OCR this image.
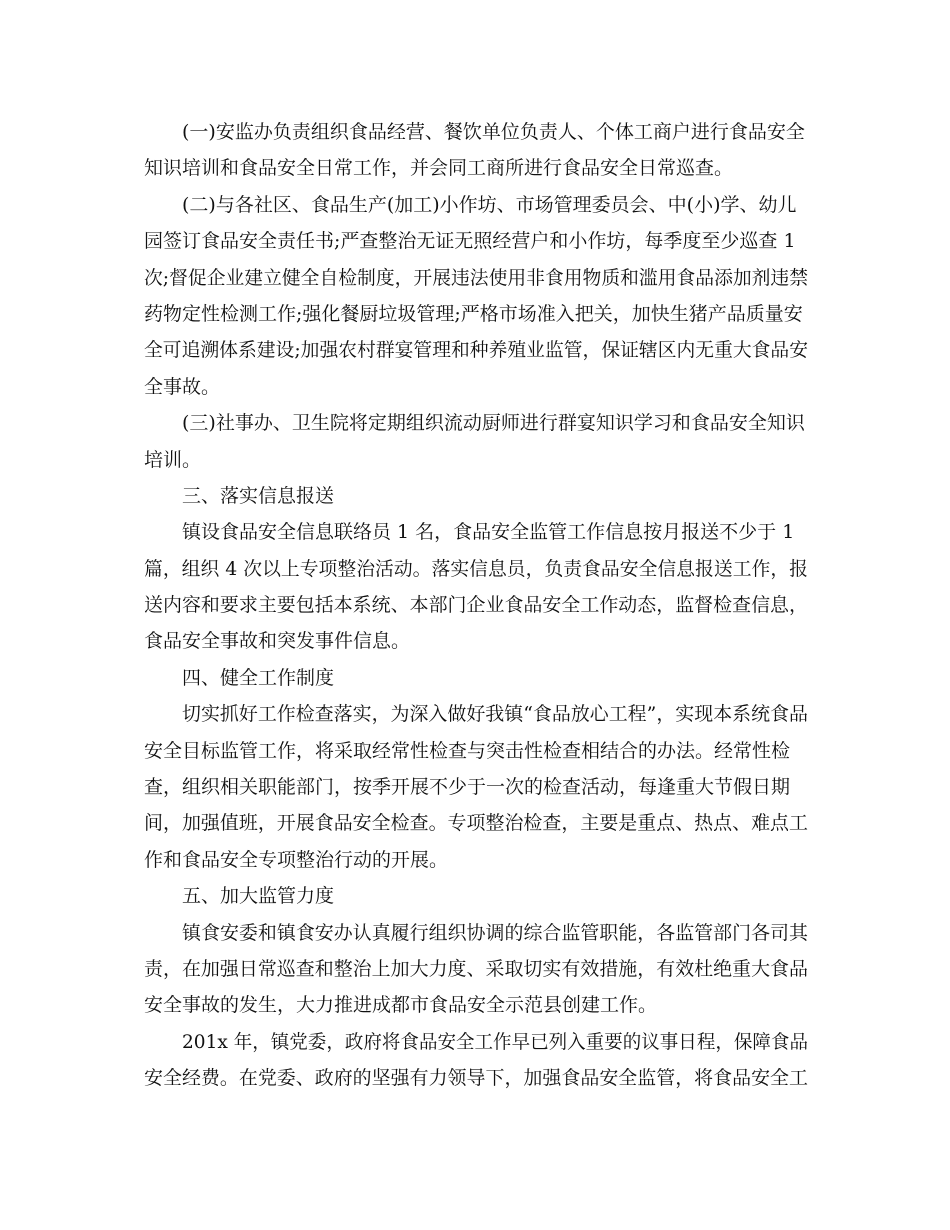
(一)安监办负责组织食品经营、餐饮单位负责人、个体工商户进行食品安全
知识培训和食品安全日常工作，并会同工商所进行食品安全日常巡查。
(二)与各社区、食品生产(加工)小作坊、市场管理委员会、中(小)学、幼儿
园签订食品安全责任书;严查整治无证无照经营户和小作坊，每季度至少巡查 1
次;督促企业建立健全自检制度，开展违法使用非食用物质和滥用食品添加剂违禁
药物定性检测工作;强化餐厨垃圾管理;严格市场准入把关，加快生猪产品质量安
全可追溯体系建设;加强农村群宴管理和种养殖业监管，保证辖区内无重大食品安
全事故。
(三)社事办、卫生院将定期组织流动厨师进行群宴知识学习和食品安全知识
培训。
三、落实信息报送
镇设食品安全信息联络员 1 名，食品安全监管工作信息按月报送不少于 1
篇，组织 4 次以上专项整治活动。落实信息员，负责食品安全信息报送工作，报
送内容和要求主要包括本系统、本部门企业食品安全工作动态，监督检查信息，
食品安全事故和突发事件信息。
四、健全工作制度
切实抓好工作检查落实，为深入做好我镇“食品放心工程”，实现本系统食品
安全目标监管工作，将采取经常性检查与突击性检查相结合的办法。经常性检
查，组织相关职能部门，按季开展不少于一次的检查活动，每逢重大节假日期
间，加强值班，开展食品安全检查。专项整治检查，主要是重点、热点、难点工
作和食品安全专项整治行动的开展。
五、加大监管力度
镇食安委和镇食安办认真履行组织协调的综合监管职能，各监管部门各司其
责，在加强日常巡查和整治上加大力度、采取切实有效措施，有效杜绝重大食品
安全事故的发生，大力推进成都市食品安全示范县创建工作。
201x 年，镇党委，政府将食品安全工作早已列入重要的议事日程，保障食品
安全经费。在党委、政府的坚强有力领导下，加强食品安全监管，将食品安全工
